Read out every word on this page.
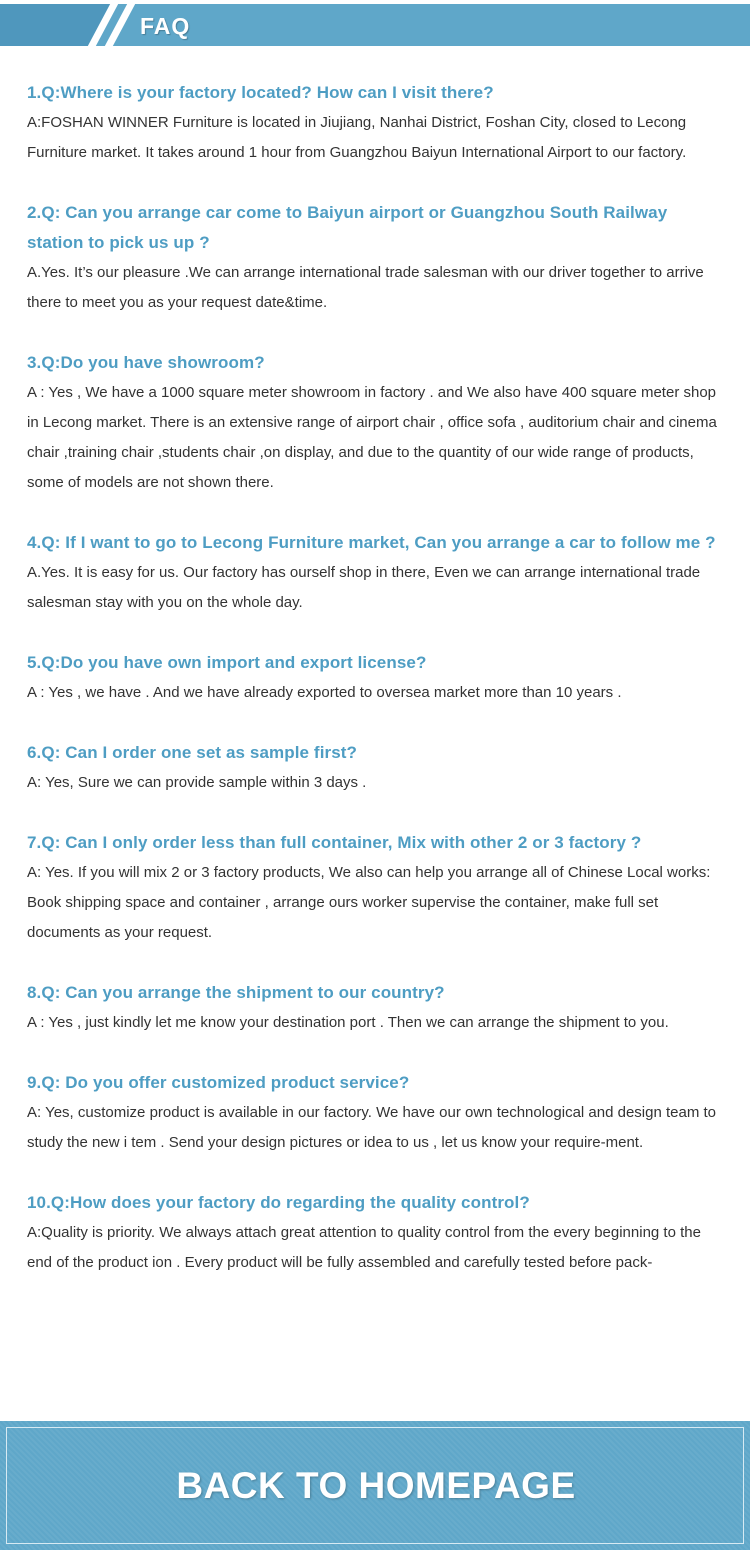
FAQ
1.Q:Where is your factory located? How can I visit there?
A:FOSHAN WINNER Furniture is located in Jiujiang, Nanhai District, Foshan City, closed to Lecong Furniture market. It takes around 1 hour from Guangzhou Baiyun International Airport to our factory.
2.Q: Can you arrange car come to Baiyun airport or Guangzhou South Railway station to pick us up ?
A.Yes. It’s our pleasure .We can arrange international trade salesman with our driver together to arrive there to meet you as your request date&time.
3.Q:Do you have showroom?
A : Yes , We have a 1000 square meter showroom in factory . and We also have 400 square meter shop in Lecong market. There is an extensive range of airport chair , office sofa , auditorium chair and cinema chair ,training chair ,students chair ,on display, and due to the quantity of our wide range of products, some of models are not shown there.
4.Q: If I want to go to Lecong Furniture market, Can you arrange a car to follow me ?
A.Yes. It is easy for us. Our factory has ourself shop in there, Even we can arrange international trade salesman stay with you on the whole day.
5.Q:Do you have own import and export license?
A : Yes , we have . And we have already exported to oversea market more than 10 years .
6.Q: Can I order one set as sample first?
A: Yes, Sure we can provide sample within 3 days .
7.Q: Can I only order less than full container, Mix with other 2 or 3 factory ?
A: Yes. If you will mix 2 or 3 factory products, We also can help you arrange all of Chinese Local works: Book shipping space and container , arrange ours worker supervise the container, make full set documents as your request.
8.Q: Can you arrange the shipment to our country?
A : Yes , just kindly let me know your destination port . Then we can arrange the shipment to you.
9.Q: Do you offer customized product service?
A: Yes, customize product is available in our factory. We have our own technological and design team to study the new i tem . Send your design pictures or idea to us , let us know your require-ment.
10.Q:How does your factory do regarding the quality control?
A:Quality is priority. We always attach great attention to quality control from the every beginning to the end of the product ion . Every product will be fully assembled and carefully tested before pack-
BACK TO HOMEPAGE
